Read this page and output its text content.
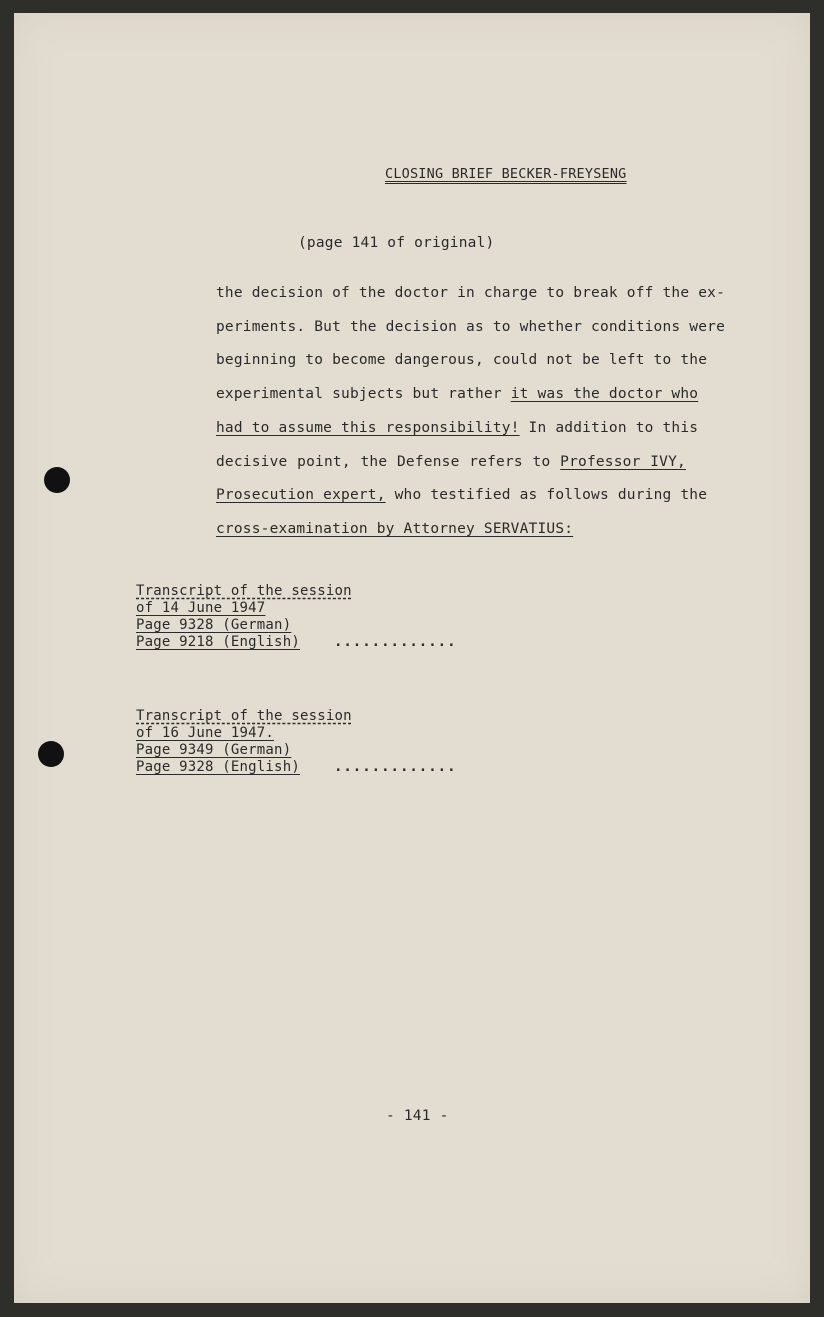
CLOSING BRIEF BECKER-FREYSENG
(page 141 of original)
the decision of the doctor in charge to break off the ex-
periments. But the decision as to whether conditions were
beginning to become dangerous, could not be left to the
experimental subjects but rather it was the doctor who
had to assume this responsibility! In addition to this
decisive point, the Defense refers to Professor IVY,
Prosecution expert, who testified as follows during the
cross-examination by Attorney SERVATIUS:
Transcript of the session
of 14 June 1947
Page 9328 (German)
Page 9218 (English) .............
Transcript of the session
of 16 June 1947.
Page 9349 (German)
Page 9328 (English) .............
- 141 -
